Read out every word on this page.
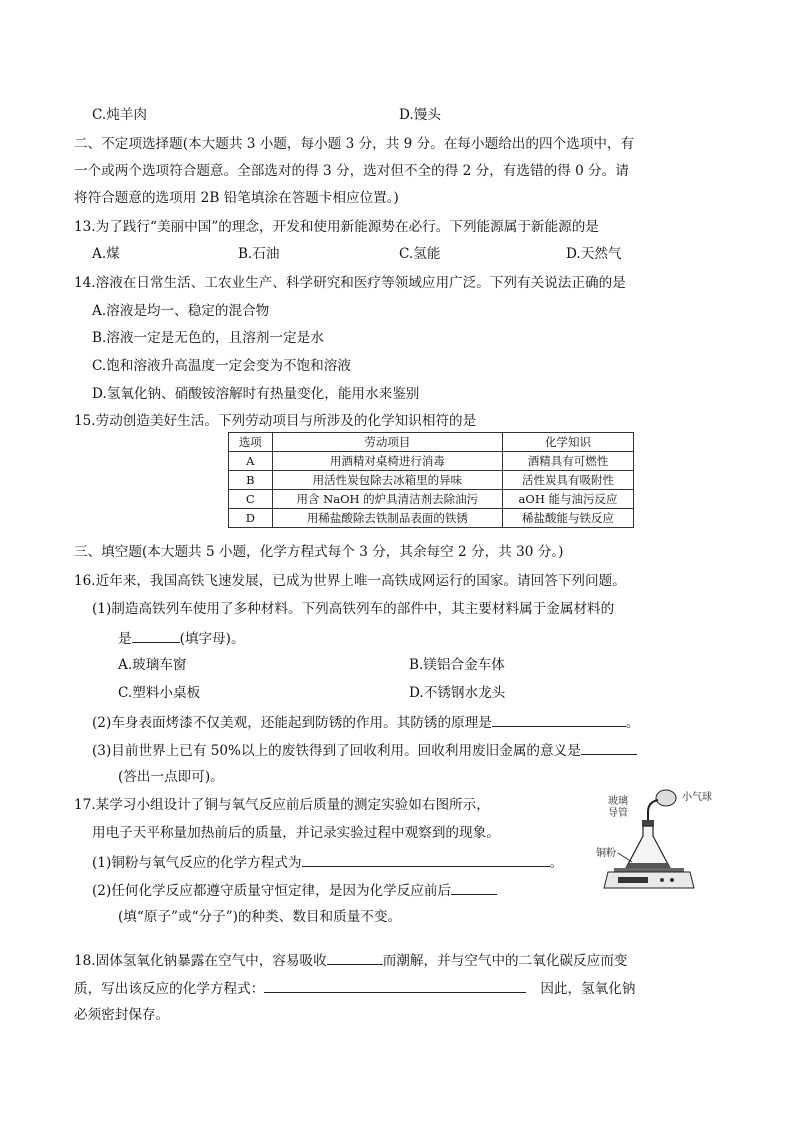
C.炖羊肉	D.馒头
二、不定项选择题(本大题共 3 小题，每小题 3 分，共 9 分。在每小题给出的四个选项中，有
一个或两个选项符合题意。全部选对的得 3 分，选对但不全的得 2 分，有选错的得 0 分。请
将符合题意的选项用 2B 铅笔填涂在答题卡相应位置。)
13.为了践行“美丽中国”的理念，开发和使用新能源势在必行。下列能源属于新能源的是
A.煤	B.石油	C.氢能	D.天然气
14.溶液在日常生活、工农业生产、科学研究和医疗等领域应用广泛。下列有关说法正确的是
A.溶液是均一、稳定的混合物
B.溶液一定是无色的，且溶剂一定是水
C.饱和溶液升高温度一定会变为不饱和溶液
D.氢氧化钠、硝酸铵溶解时有热量变化，能用水来鉴别
15.劳动创造美好生活。下列劳动项目与所涉及的化学知识相符的是
选项	劳动项目	化学知识
A	用酒精对桌椅进行消毒	酒精具有可燃性
B	用活性炭包除去冰箱里的异味	活性炭具有吸附性
C	用含 NaOH 的炉具清洁剂去除油污	aOH 能与油污反应
D	用稀盐酸除去铁制品表面的铁锈	稀盐酸能与铁反应
三、填空题(本大题共 5 小题，化学方程式每个 3 分，其余每空 2 分，共 30 分。)
16.近年来，我国高铁飞速发展，已成为世界上唯一高铁成网运行的国家。请回答下列问题。
(1)制造高铁列车使用了多种材料。下列高铁列车的部件中，其主要材料属于金属材料的
是	(填字母)。
A.玻璃车窗	B.镁铝合金车体
C.塑料小桌板	D.不锈钢水龙头
(2)车身表面烤漆不仅美观，还能起到防锈的作用。其防锈的原理是	。
(3)目前世界上已有 50%以上的废铁得到了回收利用。回收利用废旧金属的意义是
(答出一点即可)。
17.某学习小组设计了铜与氧气反应前后质量的测定实验如右图所示，
用电子天平称量加热前后的质量，并记录实验过程中观察到的现象。
(1)铜粉与氧气反应的化学方程式为	。
(2)任何化学反应都遵守质量守恒定律，是因为化学反应前后
(填“原子”或“分子”)的种类、数目和质量不变。
玻璃
导管
小气球
铜粉
18.固体氢氧化钠暴露在空气中，容易吸收	而潮解，并与空气中的二氧化碳反应而变
质，写出该反应的化学方程式：	因此，氢氧化钠
必须密封保存。
